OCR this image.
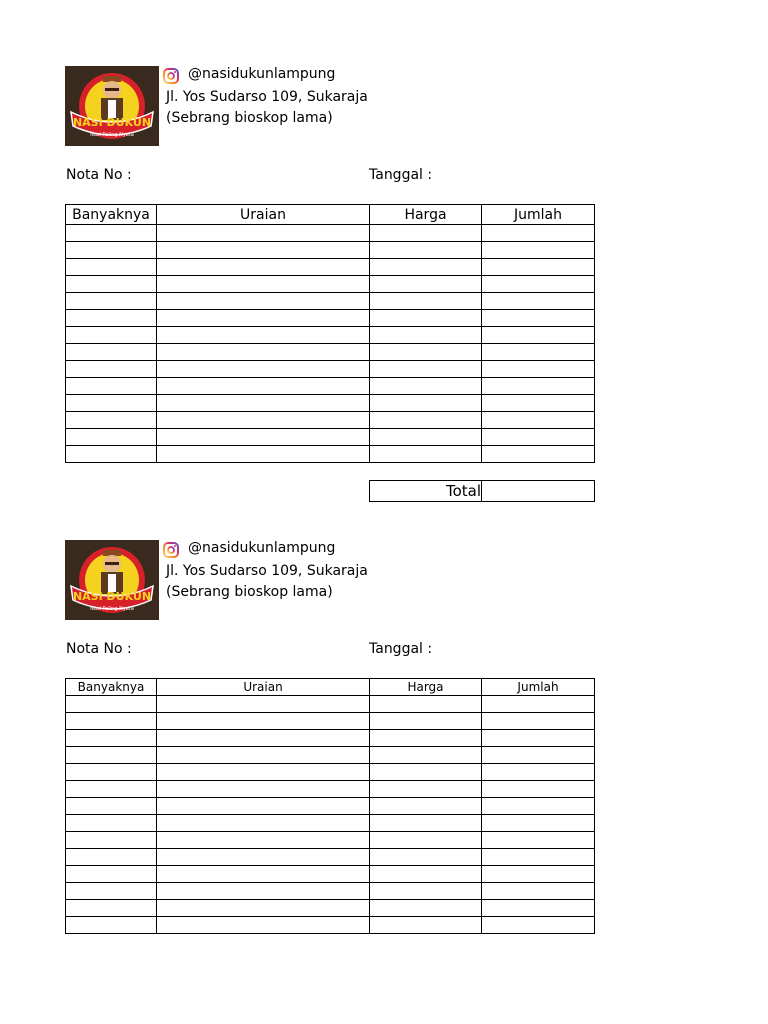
NASI DUKUN
Nasi Paling Nyata
@nasidukunlampung
Jl. Yos Sudarso 109, Sukaraja
(Sebrang bioskop lama)
Nota No :	Tanggal :
Banyaknya	Uraian	Harga	Jumlah

Total	
NASI DUKUN
Nasi Paling Nyata
@nasidukunlampung
Jl. Yos Sudarso 109, Sukaraja
(Sebrang bioskop lama)
Nota No :	Tanggal :
Banyaknya	Uraian	Harga	Jumlah
